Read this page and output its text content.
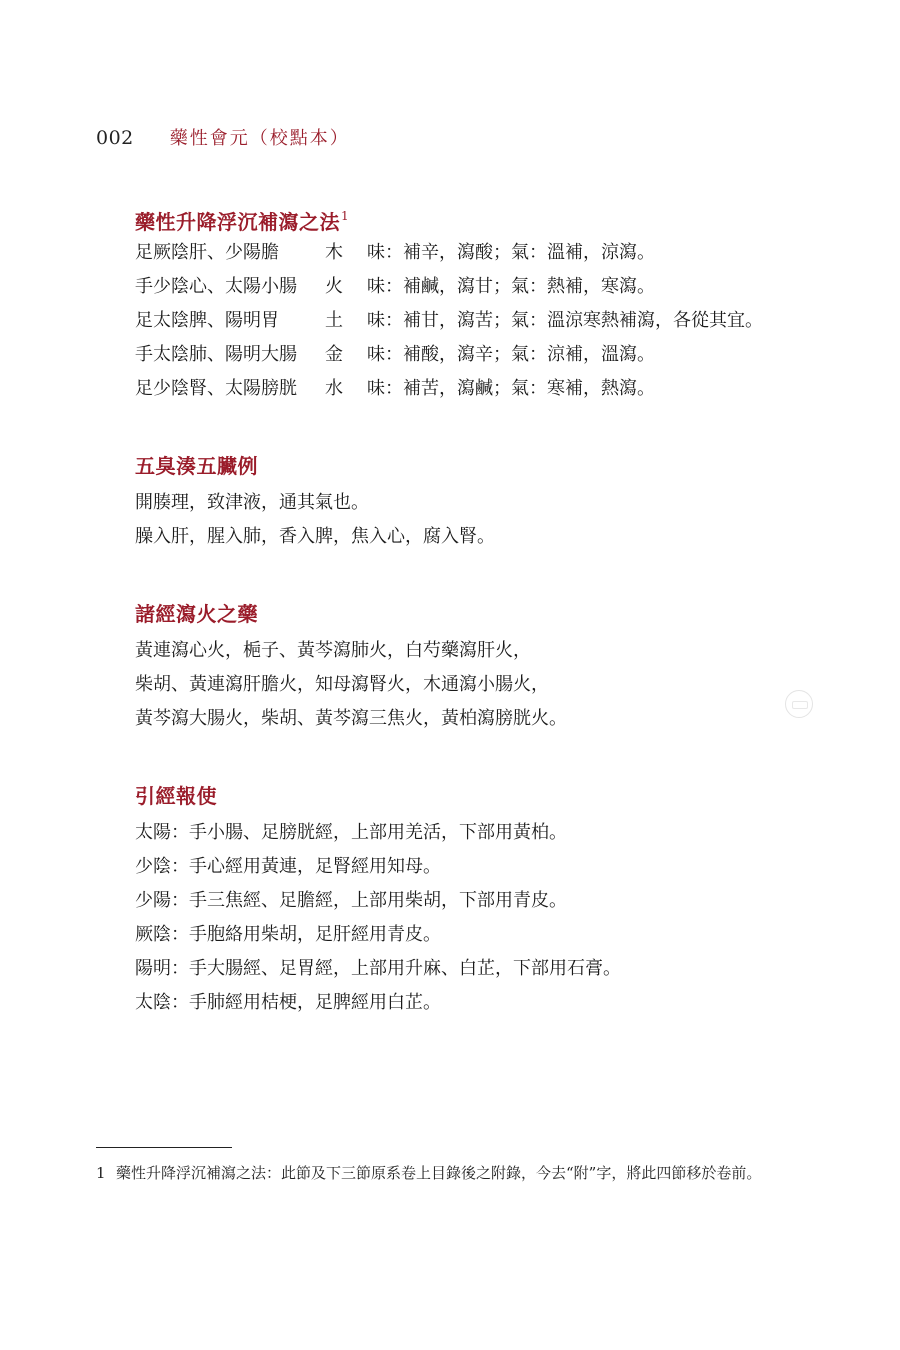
002 藥性會元（校點本）
藥性升降浮沉補瀉之法$^1$
足厥陰肝、少陽膽	木	味：補辛，瀉酸；氣：溫補，涼瀉。
手少陰心、太陽小腸	火	味：補鹹，瀉甘；氣：熱補，寒瀉。
足太陰脾、陽明胃	土	味：補甘，瀉苦；氣：溫涼寒熱補瀉，各從其宜。
手太陰肺、陽明大腸	金	味：補酸，瀉辛；氣：涼補，溫瀉。
足少陰腎、太陽膀胱	水	味：補苦，瀉鹹；氣：寒補，熱瀉。
五臭湊五臟例
開腠理，致津液，通其氣也。
臊入肝，腥入肺，香入脾，焦入心，腐入腎。
諸經瀉火之藥
黃連瀉心火，梔子、黃芩瀉肺火，白芍藥瀉肝火，
柴胡、黃連瀉肝膽火，知母瀉腎火，木通瀉小腸火，
黃芩瀉大腸火，柴胡、黃芩瀉三焦火，黃柏瀉膀胱火。
引經報使
太陽：手小腸、足膀胱經，上部用羌活，下部用黃柏。
少陰：手心經用黃連，足腎經用知母。
少陽：手三焦經、足膽經，上部用柴胡，下部用青皮。
厥陰：手胞絡用柴胡，足肝經用青皮。
陽明：手大腸經、足胃經，上部用升麻、白芷，下部用石膏。
太陰：手肺經用桔梗，足脾經用白芷。
1 藥性升降浮沉補瀉之法：此節及下三節原系卷上目錄後之附錄，今去“附”字，將此四節移於卷前。
